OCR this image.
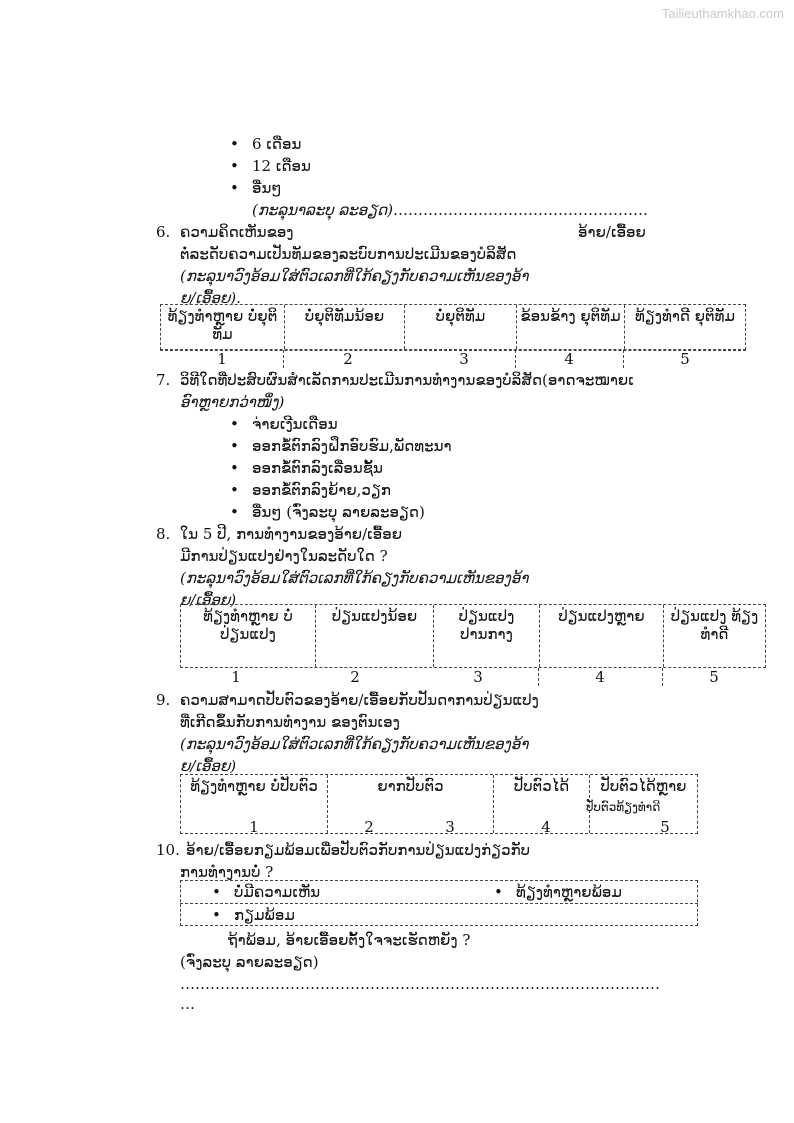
Tailieuthamkhao.com
• 6 ເດືອນ
• 12 ເດືອນ
• ອື່ນໆ
(ກະລຸນາລະບຸ ລະອຽດ)……………………………………………
6. ຄວາມຄິດເຫັນຂອງ	ອ້າຍ/ເອື້ອຍ
ຕໍ່ລະດັບຄວາມເປັນທັມຂອງລະບົບການປະເມີນຂອງບໍລິສັດ
(ກະລຸນາວົງອ້ອມໃສ່ຕົວເລກທີ່ໃກ້ຄຽງກັບຄວາມເຫັນຂອງອ້າ
ຍ/ເອື້ອຍ).
ທ້ຽງທໍາຫຼາຍ ບໍ່ຍຸຕິທັມ
ບໍ່ຍຸຕິທັມນ້ອຍ	ບໍ່ຍຸຕິທັມ	ຂ້ອນຂ້າງ ຍຸຕິທັມ ທ້ຽງທໍາດີ ຍຸຕິທັມ
1	2	3	4	5
7. ວິທີໃດທີ່ປະສົບຜົນສໍາເລັດການປະເມີນການທໍາງານຂອງບໍລິສັດ(ອາດຈະໝາຍເ
ອົາຫຼາຍກວ່າໜຶ່ງ)
• ຈ່າຍເງີນເດືອນ
• ອອກຂໍ້ຕົກລົງຝຶກອົບຮົມ,ພັດທະນາ
• ອອກຂໍ້ຕົກລົງເລື່ອນຊັ້ນ
• ອອກຂໍ້ຕົກລົງຍ້າຍ,ວຽກ
• ອື່ນໆ (ຈົ່ງລະບຸ ລາຍລະອຽດ)
8. ໃນ 5 ປີ, ການທໍາງານຂອງອ້າຍ/ເອື້ອຍ
ມີການປ່ຽນແປງຢ່າງໃນລະດັບໃດ ?
(ກະລຸນາວົງອ້ອມໃສ່ຕົວເລກທີ່ໃກ້ຄຽງກັບຄວາມເຫັນຂອງອ້າ
ຍ/ເອື້ອຍ)
ທ້ຽງທໍາຫຼາຍ ບໍ່ປ່ຽນແປງ
ປ່ຽນແປງນ້ອຍ	ປ່ຽນແປງປານກາງ
ປ່ຽນແປງຫຼາຍ	ປ່ຽນແປງ ທ້ຽງທໍາດີ
1	2	3	4	5
9. ຄວາມສາມາດປັບຕົວຂອງອ້າຍ/ເອື້ອຍກັບປັນດາການປ່ຽນແປງ
ທີ່ເກີດຂຶ້ນກັບການທໍາງານ ຂອງຕົນເອງ
(ກະລຸນາວົງອ້ອມໃສ່ຕົວເລກທີ່ໃກ້ຄຽງກັບຄວາມເຫັນຂອງອ້າ
ຍ/ເອື້ອຍ)
ທ້ຽງທໍາຫຼາຍ ບໍ່ປັບຕົວ	ຍາກປັບຕົວ	ປັບຕົວໄດ້	ປັບຕົວໄດ້ຫຼາຍ
1	2	3	4	5
ປັບຕົວທ້ຽງທໍາດີ
10. ອ້າຍ/ເອື້ອຍກຽມພ້ອມເພື່ອປັບຕົວກັບການປ່ຽນແປງກ່ຽວກັບ
ການທໍາງານບໍ່ ?
• ບໍ່ມີຄວາມເຫັນ
•	ທ້ຽງທໍາຫຼາຍພ້ອມ
• ກຽມພ້ອມ
ຖ້າພ້ອມ, ອ້າຍເອື້ອຍຕັ້ງໃຈຈະເຮັດຫຍັງ ?
(ຈົ່ງລະບຸ ລາຍລະອຽດ)
……………………………………………………………………………………
…
